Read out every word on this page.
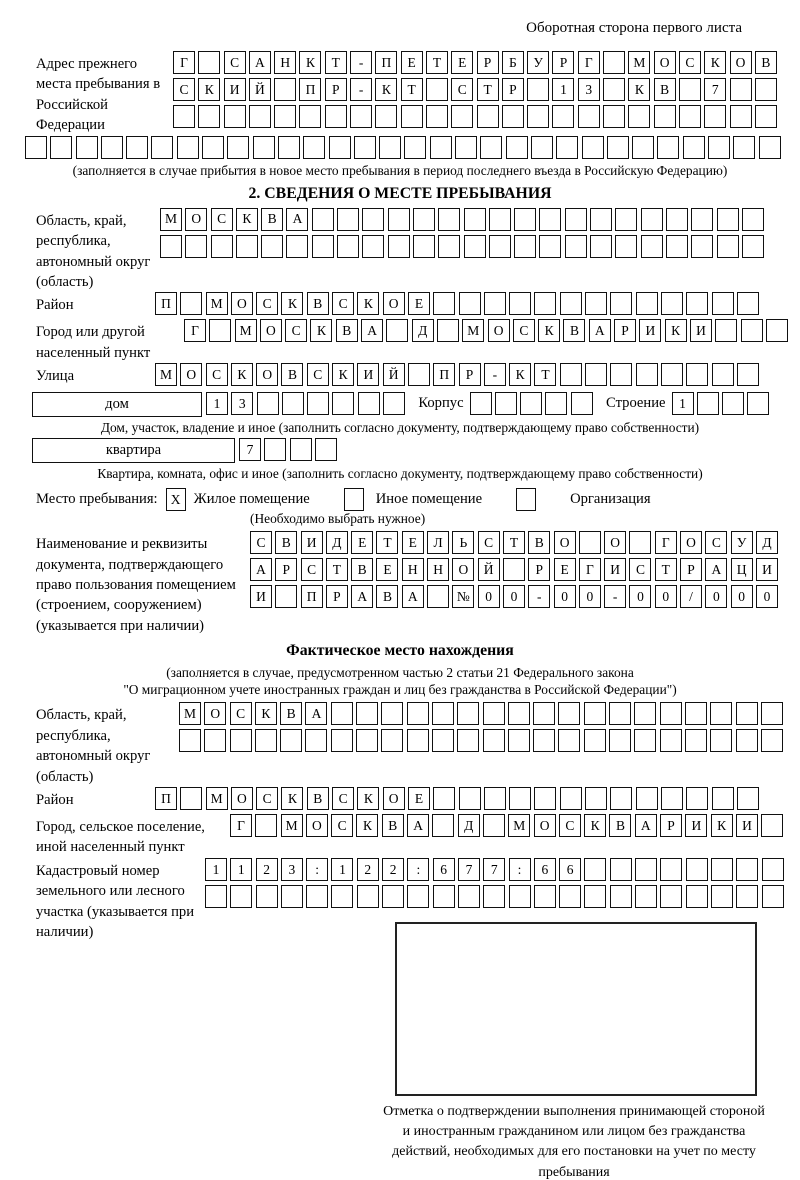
Оборотная сторона первого листа
Адрес прежнего места пребывания в Российской Федерации
Г	С	А	Н	К	Т	-	П	Е	Т	Е	Р	Б	У	Р	Г	М	О	С	К	О	В
С	К	И	Й	П	Р	-	К	Т	С	Т	Р	1	3	К	В	7
(заполняется в случае прибытия в новое место пребывания в период последнего въезда в Российскую Федерацию)
2. СВЕДЕНИЯ О МЕСТЕ ПРЕБЫВАНИЯ
Область, край, республика, автономный округ (область)
М	О	С	К	В	А
Район	П	М	О	С	К	В	С	К	О	Е
Город или другой населенный пункт
Г	М	О	С	К	В	А	Д	М	О	С	К	В	А	Р	И	К	И
Улица	М	О	С	К	О	В	С	К	И	Й	П	Р	-	К	Т
дом	1	3	Корпус	Строение	1
Дом, участок, владение и иное (заполнить согласно документу, подтверждающему право собственности)
квартира	7
Квартира, комната, офис и иное (заполнить согласно документу, подтверждающему право собственности)
Место пребывания: X Жилое помещение	Иное помещение	Организация
(Необходимо выбрать нужное)
Наименование и реквизиты документа, подтверждающего право пользования помещением (строением, сооружением) (указывается при наличии)
С	В	И	Д	Е	Т	Е	Л	Ь	С	Т	В	О	О	Г	О	С	У	Д
А	Р	С	Т	В	Е	Н	Н	О	Й	Р	Е	Г	И	С	Т	Р	А	Ц	И
И	П	Р	А	В	А	№	0	0	-	0	0	-	0	0	/	0	0	0
Фактическое место нахождения
(заполняется в случае, предусмотренном частью 2 статьи 21 Федерального закона
"О миграционном учете иностранных граждан и лиц без гражданства в Российской Федерации")
Область, край, республика, автономный округ (область)
М	О	С	К	В	А
Район	П	М	О	С	К	В	С	К	О	Е
Город, сельское поселение, иной населенный пункт
Г	М	О	С	К	В	А	Д	М	О	С	К	В	А	Р	И	К	И
Кадастровый номер земельного или лесного участка (указывается при наличии)
1	1	2	3	:	1	2	2	:	6	7	7	:	6	6
Отметка о подтверждении выполнения принимающей стороной и иностранным гражданином или лицом без гражданства действий, необходимых для его постановки на учет по месту пребывания
